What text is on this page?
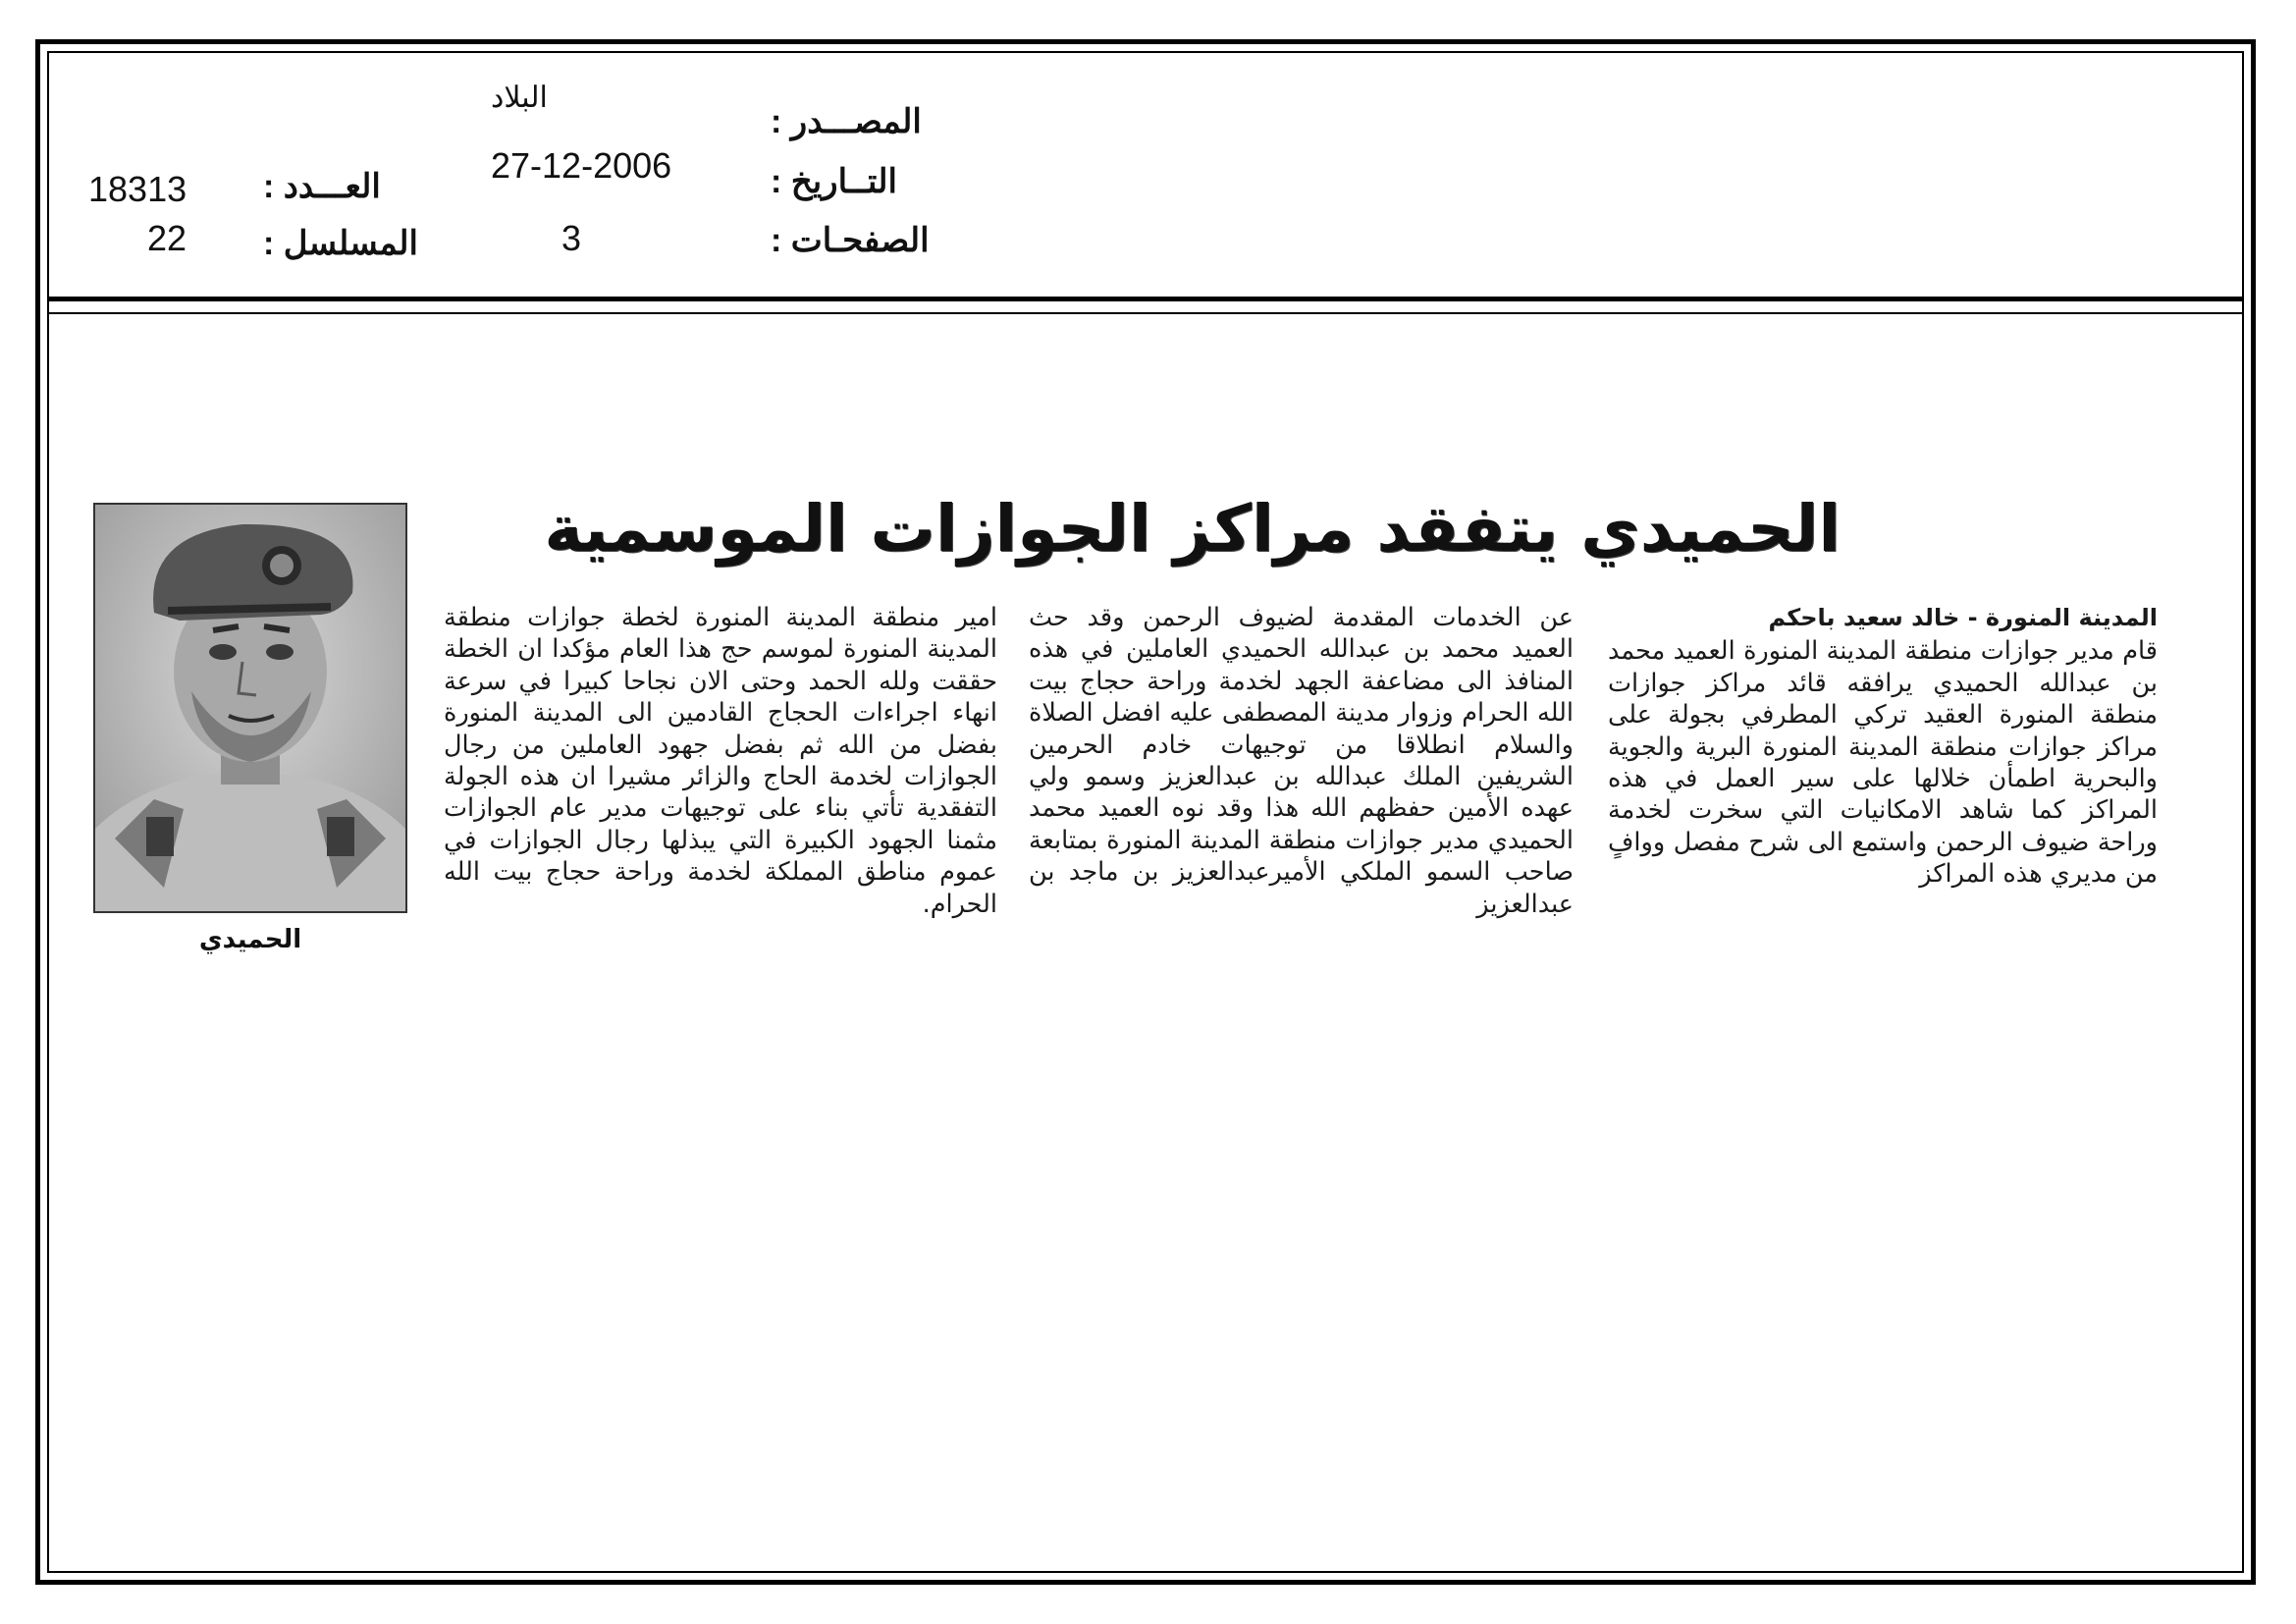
البلاد
المصـــدر :
27-12-2006	التــاريخ :
3	الصفحـات :
18313 العـــدد :
22 المسلسل :
الحميدي يتفقد مراكز الجوازات الموسمية

المدينة المنورة - خالد سعيد باحكم

قام مدير جوازات منطقة المدينة المنورة العميد محمد بن عبدالله الحميدي يرافقه قائد مراكز جوازات منطقة المنورة العقيد تركي المطرفي بجولة على مراكز جوازات منطقة المدينة المنورة البرية والجوية والبحرية اطمأن خلالها على سير العمل في هذه المراكز كما شاهد الامكانيات التي سخرت لخدمة وراحة ضيوف الرحمن واستمع الى شرح مفصل ووافٍ من مديري هذه المراكز

عن الخدمات المقدمة لضيوف الرحمن وقد حث العميد محمد بن عبدالله الحميدي العاملين في هذه المنافذ الى مضاعفة الجهد لخدمة وراحة حجاج بيت الله الحرام وزوار مدينة المصطفى عليه افضل الصلاة والسلام انطلاقا من توجيهات خادم الحرمين الشريفين الملك عبدالله بن عبدالعزيز وسمو ولي عهده الأمين حفظهم الله هذا وقد نوه العميد محمد الحميدي مدير جوازات منطقة المدينة المنورة بمتابعة صاحب السمو الملكي الأميرعبدالعزيز بن ماجد بن عبدالعزيز

امير منطقة المدينة المنورة لخطة جوازات منطقة المدينة المنورة لموسم حج هذا العام مؤكدا ان الخطة حققت ولله الحمد وحتى الان نجاحا كبيرا في سرعة انهاء اجراءات الحجاج القادمين الى المدينة المنورة بفضل من الله ثم بفضل جهود العاملين من رجال الجوازات لخدمة الحاج والزائر مشيرا ان هذه الجولة التفقدية تأتي بناء على توجيهات مدير عام الجوازات مثمنا الجهود الكبيرة التي يبذلها رجال الجوازات في عموم مناطق المملكة لخدمة وراحة حجاج بيت الله الحرام.

الحميدي
